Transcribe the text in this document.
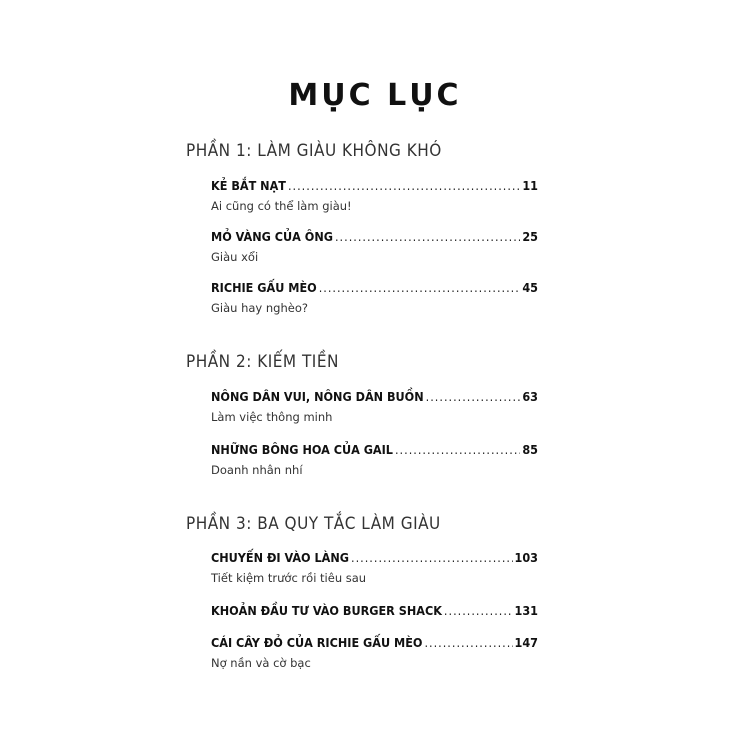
MỤC LỤC
PHẦN 1: LÀM GIÀU KHÔNG KHÓ
KẺ BẮT NẠT .....	11
Ai cũng có thể làm giàu!
MỎ VÀNG CỦA ÔNG .....	25
Giàu xổi
RICHIE GẤU MÈO .....	45
Giàu hay nghèo?
PHẦN 2: KIẾM TIỀN
NÔNG DÂN VUI, NÔNG DÂN BUỒN .....	63
Làm việc thông minh
NHỮNG BÔNG HOA CỦA GAIL .....	85
Doanh nhân nhí
PHẦN 3: BA QUY TẮC LÀM GIÀU
CHUYẾN ĐI VÀO LÀNG .....	103
Tiết kiệm trước rồi tiêu sau
KHOẢN ĐẦU TƯ VÀO BURGER SHACK .....	131
CÁI CÂY ĐỎ CỦA RICHIE GẤU MÈO .....	147
Nợ nần và cờ bạc
